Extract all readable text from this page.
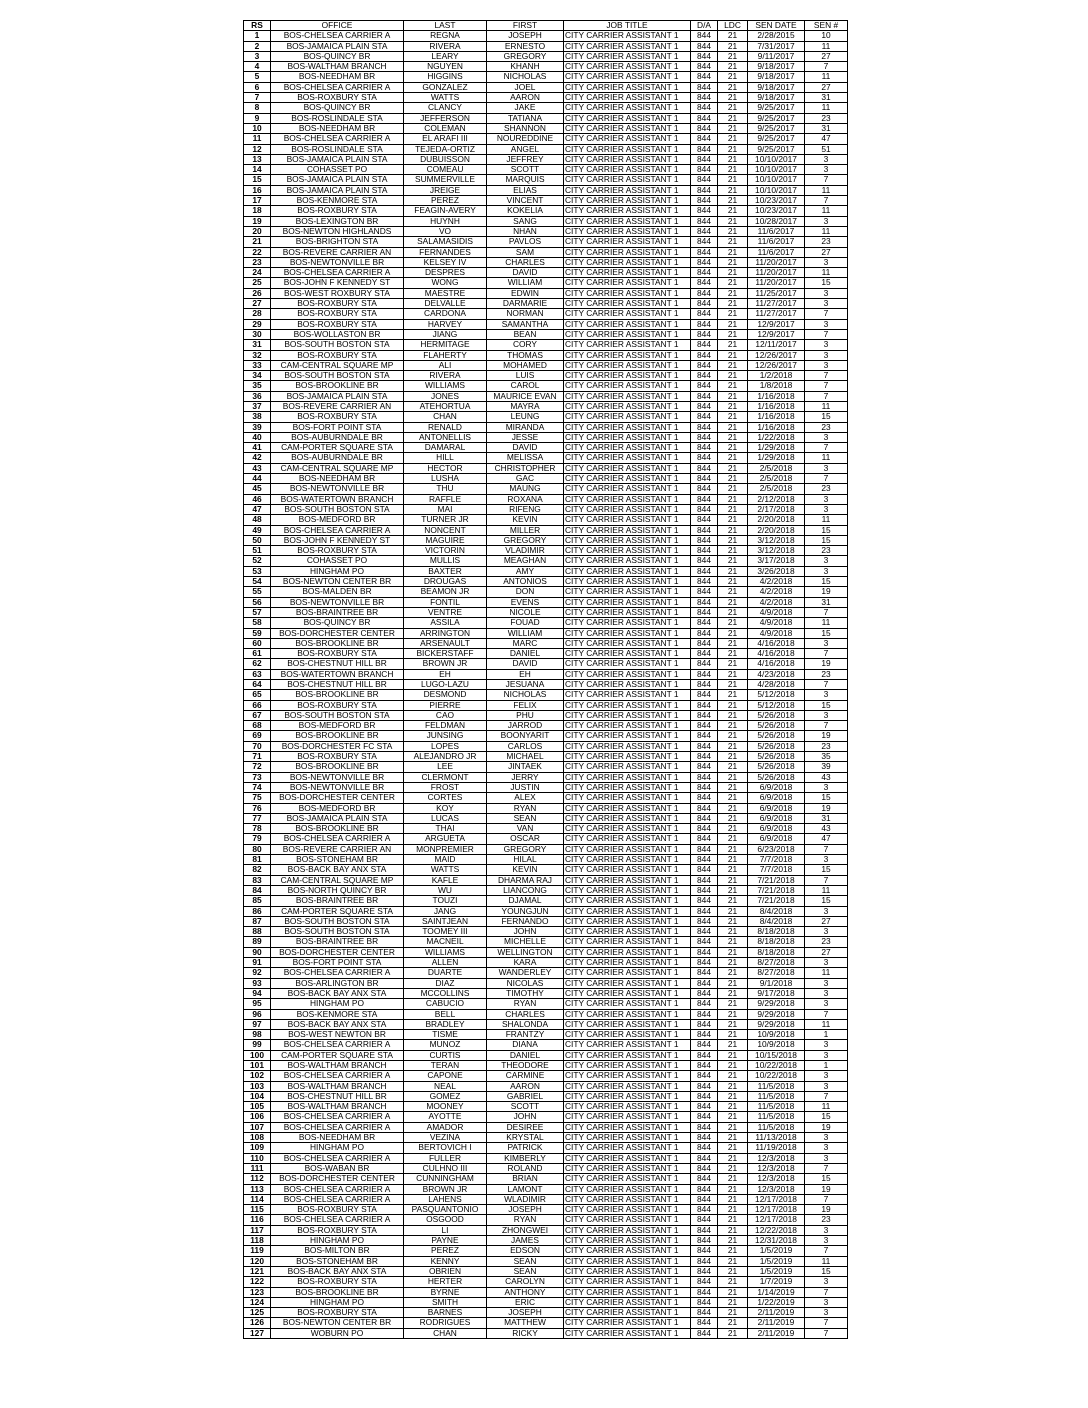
RS	OFFICE	LAST	FIRST	JOB TITLE	D/A	LDC	SEN DATE	SEN #
1	BOS-CHELSEA CARRIER A	REGNA	JOSEPH	CITY CARRIER ASSISTANT 1	844	21	2/28/2015	10
2	BOS-JAMAICA PLAIN STA	RIVERA	ERNESTO	CITY CARRIER ASSISTANT 1	844	21	7/31/2017	11
3	BOS-QUINCY BR	LEARY	GREGORY	CITY CARRIER ASSISTANT 1	844	21	9/11/2017	27
4	BOS-WALTHAM BRANCH	NGUYEN	KHANH	CITY CARRIER ASSISTANT 1	844	21	9/18/2017	7
5	BOS-NEEDHAM BR	HIGGINS	NICHOLAS	CITY CARRIER ASSISTANT 1	844	21	9/18/2017	11
6	BOS-CHELSEA CARRIER A	GONZALEZ	JOEL	CITY CARRIER ASSISTANT 1	844	21	9/18/2017	27
7	BOS-ROXBURY STA	WATTS	AARON	CITY CARRIER ASSISTANT 1	844	21	9/18/2017	31
8	BOS-QUINCY BR	CLANCY	JAKE	CITY CARRIER ASSISTANT 1	844	21	9/25/2017	11
9	BOS-ROSLINDALE STA	JEFFERSON	TATIANA	CITY CARRIER ASSISTANT 1	844	21	9/25/2017	23
10	BOS-NEEDHAM BR	COLEMAN	SHANNON	CITY CARRIER ASSISTANT 1	844	21	9/25/2017	31
11	BOS-CHELSEA CARRIER A	EL ARAFI III	NOUREDDINE	CITY CARRIER ASSISTANT 1	844	21	9/25/2017	47
12	BOS-ROSLINDALE STA	TEJEDA-ORTIZ	ANGEL	CITY CARRIER ASSISTANT 1	844	21	9/25/2017	51
13	BOS-JAMAICA PLAIN STA	DUBUISSON	JEFFREY	CITY CARRIER ASSISTANT 1	844	21	10/10/2017	3
14	COHASSET PO	COMEAU	SCOTT	CITY CARRIER ASSISTANT 1	844	21	10/10/2017	3
15	BOS-JAMAICA PLAIN STA	SUMMERVILLE	MARQUIS	CITY CARRIER ASSISTANT 1	844	21	10/10/2017	7
16	BOS-JAMAICA PLAIN STA	JREIGE	ELIAS	CITY CARRIER ASSISTANT 1	844	21	10/10/2017	11
17	BOS-KENMORE STA	PEREZ	VINCENT	CITY CARRIER ASSISTANT 1	844	21	10/23/2017	7
18	BOS-ROXBURY STA	FEAGIN-AVERY	KOKELIA	CITY CARRIER ASSISTANT 1	844	21	10/23/2017	11
19	BOS-LEXINGTON BR	HUYNH	SANG	CITY CARRIER ASSISTANT 1	844	21	10/28/2017	3
20	BOS-NEWTON HIGHLANDS	VO	NHAN	CITY CARRIER ASSISTANT 1	844	21	11/6/2017	11
21	BOS-BRIGHTON STA	SALAMASIDIS	PAVLOS	CITY CARRIER ASSISTANT 1	844	21	11/6/2017	23
22	BOS-REVERE CARRIER AN	FERNANDES	SAM	CITY CARRIER ASSISTANT 1	844	21	11/6/2017	27
23	BOS-NEWTONVILLE BR	KELSEY IV	CHARLES	CITY CARRIER ASSISTANT 1	844	21	11/20/2017	3
24	BOS-CHELSEA CARRIER A	DESPRES	DAVID	CITY CARRIER ASSISTANT 1	844	21	11/20/2017	11
25	BOS-JOHN F KENNEDY ST	WONG	WILLIAM	CITY CARRIER ASSISTANT 1	844	21	11/20/2017	15
26	BOS-WEST ROXBURY STA	MAESTRE	EDWIN	CITY CARRIER ASSISTANT 1	844	21	11/25/2017	3
27	BOS-ROXBURY STA	DELVALLE	DARMARIE	CITY CARRIER ASSISTANT 1	844	21	11/27/2017	3
28	BOS-ROXBURY STA	CARDONA	NORMAN	CITY CARRIER ASSISTANT 1	844	21	11/27/2017	7
29	BOS-ROXBURY STA	HARVEY	SAMANTHA	CITY CARRIER ASSISTANT 1	844	21	12/9/2017	3
30	BOS-WOLLASTON BR	JIANG	BEAN	CITY CARRIER ASSISTANT 1	844	21	12/9/2017	7
31	BOS-SOUTH BOSTON STA	HERMITAGE	CORY	CITY CARRIER ASSISTANT 1	844	21	12/11/2017	3
32	BOS-ROXBURY STA	FLAHERTY	THOMAS	CITY CARRIER ASSISTANT 1	844	21	12/26/2017	3
33	CAM-CENTRAL SQUARE MP	ALI	MOHAMED	CITY CARRIER ASSISTANT 1	844	21	12/26/2017	3
34	BOS-SOUTH BOSTON STA	RIVERA	LUIS	CITY CARRIER ASSISTANT 1	844	21	1/2/2018	7
35	BOS-BROOKLINE BR	WILLIAMS	CAROL	CITY CARRIER ASSISTANT 1	844	21	1/8/2018	7
36	BOS-JAMAICA PLAIN STA	JONES	MAURICE EVAN	CITY CARRIER ASSISTANT 1	844	21	1/16/2018	7
37	BOS-REVERE CARRIER AN	ATEHORTUA	MAYRA	CITY CARRIER ASSISTANT 1	844	21	1/16/2018	11
38	BOS-ROXBURY STA	CHAN	LEUNG	CITY CARRIER ASSISTANT 1	844	21	1/16/2018	15
39	BOS-FORT POINT STA	RENALD	MIRANDA	CITY CARRIER ASSISTANT 1	844	21	1/16/2018	23
40	BOS-AUBURNDALE BR	ANTONELLIS	JESSE	CITY CARRIER ASSISTANT 1	844	21	1/22/2018	3
41	CAM-PORTER SQUARE STA	DAMARAL	DAVID	CITY CARRIER ASSISTANT 1	844	21	1/29/2018	7
42	BOS-AUBURNDALE BR	HILL	MELISSA	CITY CARRIER ASSISTANT 1	844	21	1/29/2018	11
43	CAM-CENTRAL SQUARE MP	HECTOR	CHRISTOPHER	CITY CARRIER ASSISTANT 1	844	21	2/5/2018	3
44	BOS-NEEDHAM BR	LUSHA	GAC	CITY CARRIER ASSISTANT 1	844	21	2/5/2018	7
45	BOS-NEWTONVILLE BR	THU	MAUNG	CITY CARRIER ASSISTANT 1	844	21	2/5/2018	23
46	BOS-WATERTOWN BRANCH	RAFFLE	ROXANA	CITY CARRIER ASSISTANT 1	844	21	2/12/2018	3
47	BOS-SOUTH BOSTON STA	MAI	RIFENG	CITY CARRIER ASSISTANT 1	844	21	2/17/2018	3
48	BOS-MEDFORD BR	TURNER JR	KEVIN	CITY CARRIER ASSISTANT 1	844	21	2/20/2018	11
49	BOS-CHELSEA CARRIER A	NONCENT	MILLER	CITY CARRIER ASSISTANT 1	844	21	2/20/2018	15
50	BOS-JOHN F KENNEDY ST	MAGUIRE	GREGORY	CITY CARRIER ASSISTANT 1	844	21	3/12/2018	15
51	BOS-ROXBURY STA	VICTORIN	VLADIMIR	CITY CARRIER ASSISTANT 1	844	21	3/12/2018	23
52	COHASSET PO	MULLIS	MEAGHAN	CITY CARRIER ASSISTANT 1	844	21	3/17/2018	3
53	HINGHAM PO	BAXTER	AMY	CITY CARRIER ASSISTANT 1	844	21	3/26/2018	3
54	BOS-NEWTON CENTER BR	DROUGAS	ANTONIOS	CITY CARRIER ASSISTANT 1	844	21	4/2/2018	15
55	BOS-MALDEN BR	BEAMON JR	DON	CITY CARRIER ASSISTANT 1	844	21	4/2/2018	19
56	BOS-NEWTONVILLE BR	FONTIL	EVENS	CITY CARRIER ASSISTANT 1	844	21	4/2/2018	31
57	BOS-BRAINTREE BR	VENTRE	NICOLE	CITY CARRIER ASSISTANT 1	844	21	4/9/2018	7
58	BOS-QUINCY BR	ASSILA	FOUAD	CITY CARRIER ASSISTANT 1	844	21	4/9/2018	11
59	BOS-DORCHESTER CENTER	ARRINGTON	WILLIAM	CITY CARRIER ASSISTANT 1	844	21	4/9/2018	15
60	BOS-BROOKLINE BR	ARSENAULT	MARC	CITY CARRIER ASSISTANT 1	844	21	4/16/2018	3
61	BOS-ROXBURY STA	BICKERSTAFF	DANIEL	CITY CARRIER ASSISTANT 1	844	21	4/16/2018	7
62	BOS-CHESTNUT HILL BR	BROWN JR	DAVID	CITY CARRIER ASSISTANT 1	844	21	4/16/2018	19
63	BOS-WATERTOWN BRANCH	EH	EH	CITY CARRIER ASSISTANT 1	844	21	4/23/2018	23
64	BOS-CHESTNUT HILL BR	LUGO-LAZU	JESUANA	CITY CARRIER ASSISTANT 1	844	21	4/28/2018	7
65	BOS-BROOKLINE BR	DESMOND	NICHOLAS	CITY CARRIER ASSISTANT 1	844	21	5/12/2018	3
66	BOS-ROXBURY STA	PIERRE	FELIX	CITY CARRIER ASSISTANT 1	844	21	5/12/2018	15
67	BOS-SOUTH BOSTON STA	CAO	PHU	CITY CARRIER ASSISTANT 1	844	21	5/26/2018	3
68	BOS-MEDFORD BR	FELDMAN	JARROD	CITY CARRIER ASSISTANT 1	844	21	5/26/2018	7
69	BOS-BROOKLINE BR	JUNSING	BOONYARIT	CITY CARRIER ASSISTANT 1	844	21	5/26/2018	19
70	BOS-DORCHESTER FC STA	LOPES	CARLOS	CITY CARRIER ASSISTANT 1	844	21	5/26/2018	23
71	BOS-ROXBURY STA	ALEJANDRO JR	MICHAEL	CITY CARRIER ASSISTANT 1	844	21	5/26/2018	35
72	BOS-BROOKLINE BR	LEE	JINTAEK	CITY CARRIER ASSISTANT 1	844	21	5/26/2018	39
73	BOS-NEWTONVILLE BR	CLERMONT	JERRY	CITY CARRIER ASSISTANT 1	844	21	5/26/2018	43
74	BOS-NEWTONVILLE BR	FROST	JUSTIN	CITY CARRIER ASSISTANT 1	844	21	6/9/2018	3
75	BOS-DORCHESTER CENTER	CORTES	ALEX	CITY CARRIER ASSISTANT 1	844	21	6/9/2018	15
76	BOS-MEDFORD BR	KOY	RYAN	CITY CARRIER ASSISTANT 1	844	21	6/9/2018	19
77	BOS-JAMAICA PLAIN STA	LUCAS	SEAN	CITY CARRIER ASSISTANT 1	844	21	6/9/2018	31
78	BOS-BROOKLINE BR	THAI	VAN	CITY CARRIER ASSISTANT 1	844	21	6/9/2018	43
79	BOS-CHELSEA CARRIER A	ARGUETA	OSCAR	CITY CARRIER ASSISTANT 1	844	21	6/9/2018	47
80	BOS-REVERE CARRIER AN	MONPREMIER	GREGORY	CITY CARRIER ASSISTANT 1	844	21	6/23/2018	7
81	BOS-STONEHAM BR	MAID	HILAL	CITY CARRIER ASSISTANT 1	844	21	7/7/2018	3
82	BOS-BACK BAY ANX STA	WATTS	KEVIN	CITY CARRIER ASSISTANT 1	844	21	7/7/2018	15
83	CAM-CENTRAL SQUARE MP	KAFLE	DHARMA RAJ	CITY CARRIER ASSISTANT 1	844	21	7/21/2018	7
84	BOS-NORTH QUINCY BR	WU	LIANCONG	CITY CARRIER ASSISTANT 1	844	21	7/21/2018	11
85	BOS-BRAINTREE BR	TOUZI	DJAMAL	CITY CARRIER ASSISTANT 1	844	21	7/21/2018	15
86	CAM-PORTER SQUARE STA	JANG	YOUNGJUN	CITY CARRIER ASSISTANT 1	844	21	8/4/2018	3
87	BOS-SOUTH BOSTON STA	SAINTJEAN	FERNANDO	CITY CARRIER ASSISTANT 1	844	21	8/4/2018	27
88	BOS-SOUTH BOSTON STA	TOOMEY III	JOHN	CITY CARRIER ASSISTANT 1	844	21	8/18/2018	3
89	BOS-BRAINTREE BR	MACNEIL	MICHELLE	CITY CARRIER ASSISTANT 1	844	21	8/18/2018	23
90	BOS-DORCHESTER CENTER	WILLIAMS	WELLINGTON	CITY CARRIER ASSISTANT 1	844	21	8/18/2018	27
91	BOS-FORT POINT STA	ALLEN	KARA	CITY CARRIER ASSISTANT 1	844	21	8/27/2018	3
92	BOS-CHELSEA CARRIER A	DUARTE	WANDERLEY	CITY CARRIER ASSISTANT 1	844	21	8/27/2018	11
93	BOS-ARLINGTON BR	DIAZ	NICOLAS	CITY CARRIER ASSISTANT 1	844	21	9/1/2018	3
94	BOS-BACK BAY ANX STA	MCCOLLINS	TIMOTHY	CITY CARRIER ASSISTANT 1	844	21	9/17/2018	3
95	HINGHAM PO	CABUCIO	RYAN	CITY CARRIER ASSISTANT 1	844	21	9/29/2018	3
96	BOS-KENMORE STA	BELL	CHARLES	CITY CARRIER ASSISTANT 1	844	21	9/29/2018	7
97	BOS-BACK BAY ANX STA	BRADLEY	SHALONDA	CITY CARRIER ASSISTANT 1	844	21	9/29/2018	11
98	BOS-WEST NEWTON BR	TISME	FRANTZY	CITY CARRIER ASSISTANT 1	844	21	10/9/2018	1
99	BOS-CHELSEA CARRIER A	MUNOZ	DIANA	CITY CARRIER ASSISTANT 1	844	21	10/9/2018	3
100	CAM-PORTER SQUARE STA	CURTIS	DANIEL	CITY CARRIER ASSISTANT 1	844	21	10/15/2018	3
101	BOS-WALTHAM BRANCH	TERAN	THEODORE	CITY CARRIER ASSISTANT 1	844	21	10/22/2018	1
102	BOS-CHELSEA CARRIER A	CAPONE	CARMINE	CITY CARRIER ASSISTANT 1	844	21	10/22/2018	3
103	BOS-WALTHAM BRANCH	NEAL	AARON	CITY CARRIER ASSISTANT 1	844	21	11/5/2018	3
104	BOS-CHESTNUT HILL BR	GOMEZ	GABRIEL	CITY CARRIER ASSISTANT 1	844	21	11/5/2018	7
105	BOS-WALTHAM BRANCH	MOONEY	SCOTT	CITY CARRIER ASSISTANT 1	844	21	11/5/2018	11
106	BOS-CHELSEA CARRIER A	AYOTTE	JOHN	CITY CARRIER ASSISTANT 1	844	21	11/5/2018	15
107	BOS-CHELSEA CARRIER A	AMADOR	DESIREE	CITY CARRIER ASSISTANT 1	844	21	11/5/2018	19
108	BOS-NEEDHAM BR	VEZINA	KRYSTAL	CITY CARRIER ASSISTANT 1	844	21	11/13/2018	3
109	HINGHAM PO	BERTOVICH I	PATRICK	CITY CARRIER ASSISTANT 1	844	21	11/19/2018	3
110	BOS-CHELSEA CARRIER A	FULLER	KIMBERLY	CITY CARRIER ASSISTANT 1	844	21	12/3/2018	3
111	BOS-WABAN BR	CULHNO III	ROLAND	CITY CARRIER ASSISTANT 1	844	21	12/3/2018	7
112	BOS-DORCHESTER CENTER	CUNNINGHAM	BRIAN	CITY CARRIER ASSISTANT 1	844	21	12/3/2018	15
113	BOS-CHELSEA CARRIER A	BROWN JR	LAMONT	CITY CARRIER ASSISTANT 1	844	21	12/3/2018	19
114	BOS-CHELSEA CARRIER A	LAHENS	WLADIMIR	CITY CARRIER ASSISTANT 1	844	21	12/17/2018	7
115	BOS-ROXBURY STA	PASQUANTONIO	JOSEPH	CITY CARRIER ASSISTANT 1	844	21	12/17/2018	19
116	BOS-CHELSEA CARRIER A	OSGOOD	RYAN	CITY CARRIER ASSISTANT 1	844	21	12/17/2018	23
117	BOS-ROXBURY STA	LI	ZHONGWEI	CITY CARRIER ASSISTANT 1	844	21	12/22/2018	3
118	HINGHAM PO	PAYNE	JAMES	CITY CARRIER ASSISTANT 1	844	21	12/31/2018	3
119	BOS-MILTON BR	PEREZ	EDSON	CITY CARRIER ASSISTANT 1	844	21	1/5/2019	7
120	BOS-STONEHAM BR	KENNY	SEAN	CITY CARRIER ASSISTANT 1	844	21	1/5/2019	11
121	BOS-BACK BAY ANX STA	OBRIEN	SEAN	CITY CARRIER ASSISTANT 1	844	21	1/5/2019	15
122	BOS-ROXBURY STA	HERTER	CAROLYN	CITY CARRIER ASSISTANT 1	844	21	1/7/2019	3
123	BOS-BROOKLINE BR	BYRNE	ANTHONY	CITY CARRIER ASSISTANT 1	844	21	1/14/2019	7
124	HINGHAM PO	SMITH	ERIC	CITY CARRIER ASSISTANT 1	844	21	1/22/2019	3
125	BOS-ROXBURY STA	BARNES	JOSEPH	CITY CARRIER ASSISTANT 1	844	21	2/11/2019	3
126	BOS-NEWTON CENTER BR	RODRIGUES	MATTHEW	CITY CARRIER ASSISTANT 1	844	21	2/11/2019	7
127	WOBURN PO	CHAN	RICKY	CITY CARRIER ASSISTANT 1	844	21	2/11/2019	7
